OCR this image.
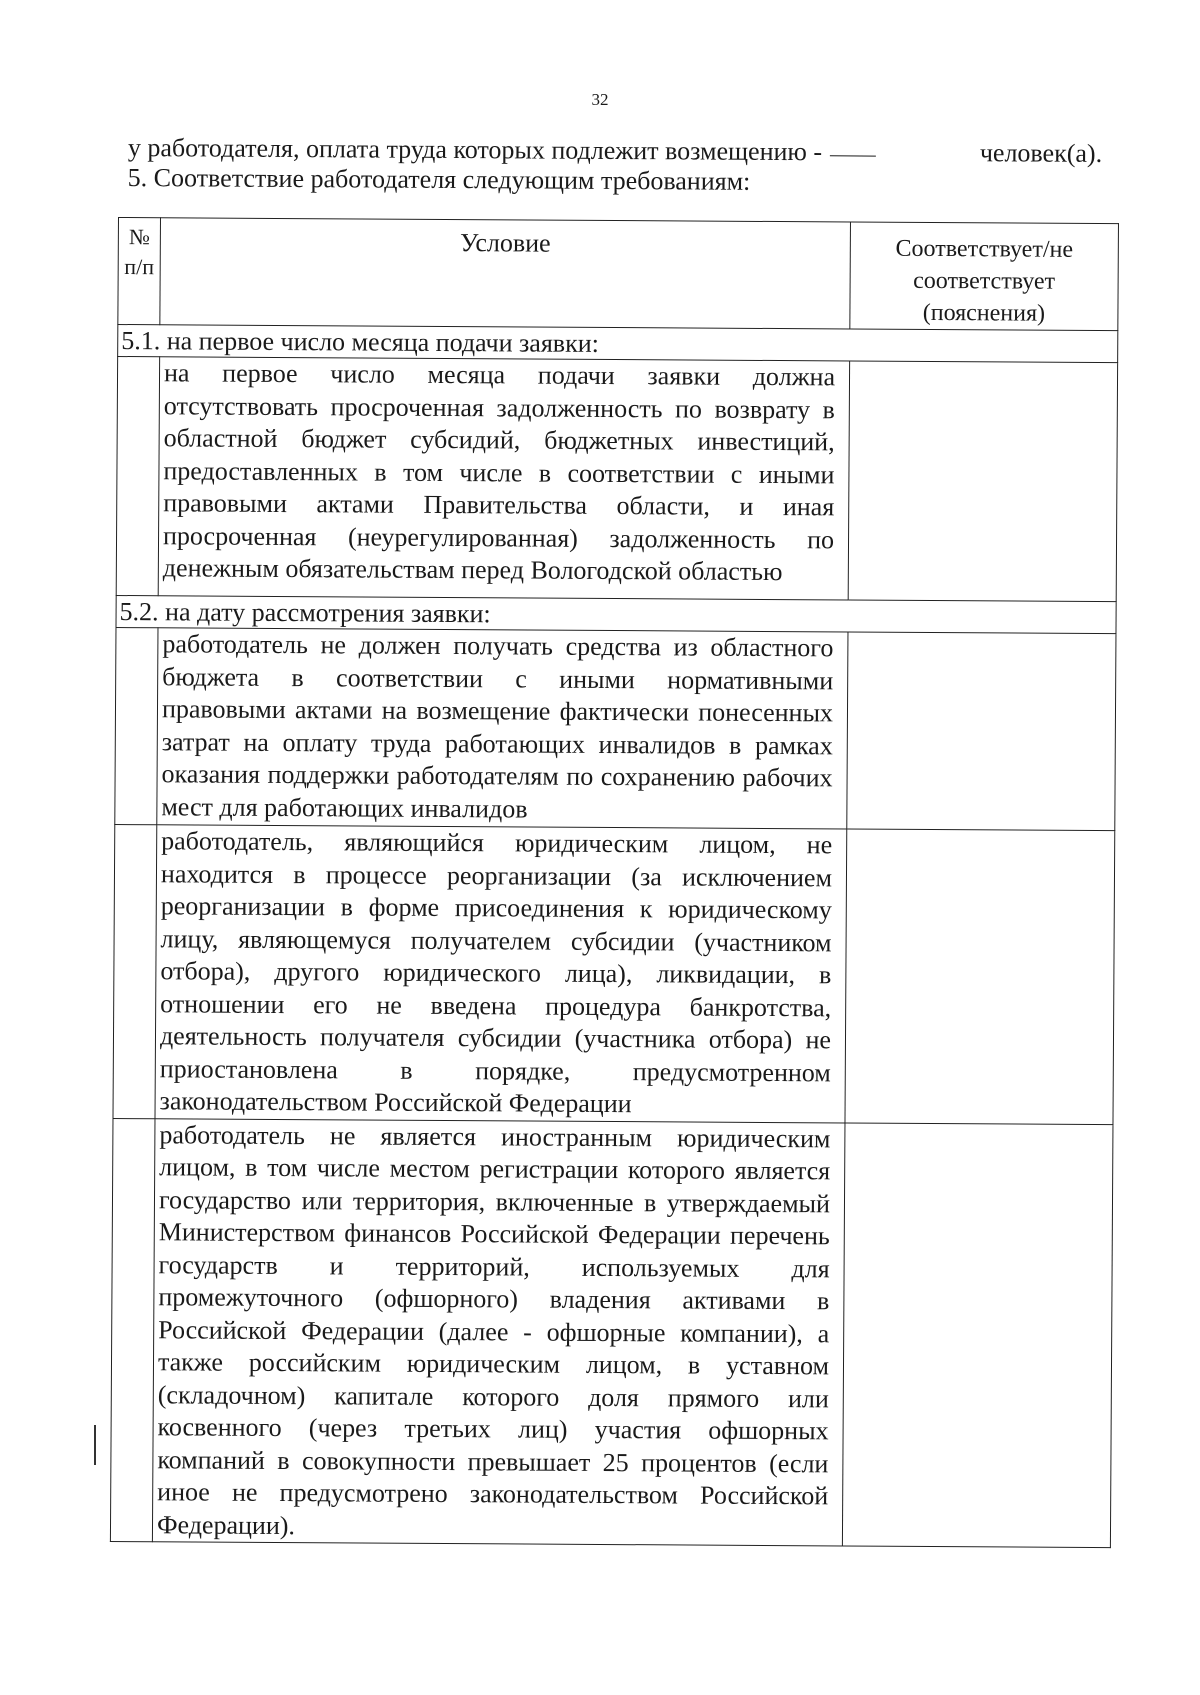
32
у работодателя, оплата труда которых подлежит возмещению -	человек(а).
5. Соответствие работодателя следующим требованиям:
№ п/п	Условие	Соответствует/не соответствует (пояснения)
5.1. на первое число месяца подачи заявки:		
	на первое число месяца подачи заявки должна отсутствовать просроченная задолженность по возврату в областной бюджет субсидий, бюджетных инвестиций, предоставленных в том числе в соответствии с иными правовыми актами Правительства области, и иная просроченная (неурегулированная) задолженность по денежным обязательствам перед Вологодской областью	
5.2. на дату рассмотрения заявки:		
	работодатель не должен получать средства из областного бюджета в соответствии с иными нормативными правовыми актами на возмещение фактически понесенных затрат на оплату труда работающих инвалидов в рамках оказания поддержки работодателям по сохранению рабочих мест для работающих инвалидов	
	работодатель, являющийся юридическим лицом, не находится в процессе реорганизации (за исключением реорганизации в форме присоединения к юридическому лицу, являющемуся получателем субсидии (участником отбора), другого юридического лица), ликвидации, в отношении его не введена процедура банкротства, деятельность получателя субсидии (участника отбора) не приостановлена в порядке, предусмотренном законодательством Российской Федерации	
	работодатель не является иностранным юридическим лицом, в том числе местом регистрации которого является государство или территория, включенные в утверждаемый Министерством финансов Российской Федерации перечень государств и территорий, используемых для промежуточного (офшорного) владения активами в Российской Федерации (далее - офшорные компании), а также российским юридическим лицом, в уставном (складочном) капитале которого доля прямого или косвенного (через третьих лиц) участия офшорных компаний в совокупности превышает 25 процентов (если иное не предусмотрено законодательством Российской Федерации).	
